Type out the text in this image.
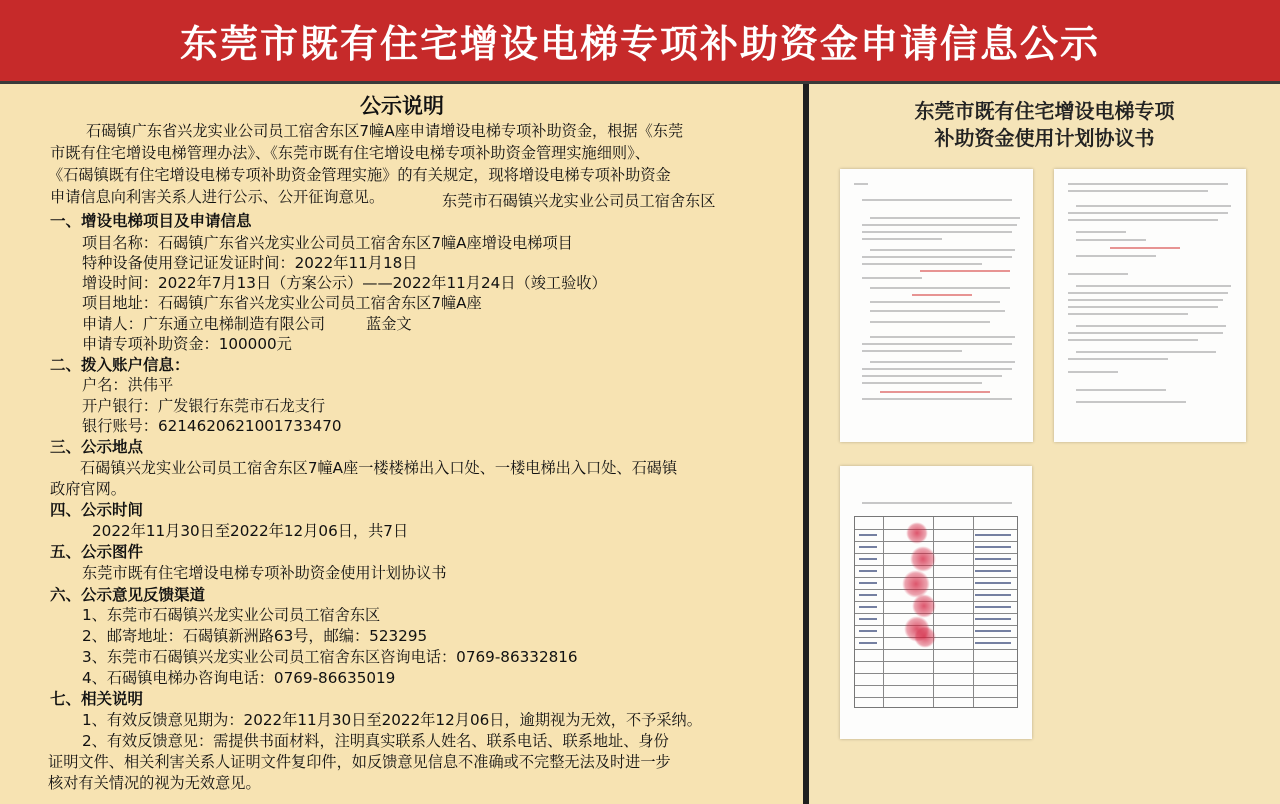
东莞市既有住宅增设电梯专项补助资金申请信息公示
公示说明
石碣镇广东省兴龙实业公司员工宿舍东区7幢A座申请增设电梯专项补助资金，根据《东莞
市既有住宅增设电梯管理办法》、《东莞市既有住宅增设电梯专项补助资金管理实施细则》、
《石碣镇既有住宅增设电梯专项补助资金管理实施》的有关规定，现将增设电梯专项补助资金
申请信息向利害关系人进行公示、公开征询意见。	东莞市石碣镇兴龙实业公司员工宿舍东区
一、增设电梯项目及申请信息
项目名称：石碣镇广东省兴龙实业公司员工宿舍东区7幢A座增设电梯项目
特种设备使用登记证发证时间：2022年11月18日
增设时间：2022年7月13日（方案公示）——2022年11月24日（竣工验收）
项目地址：石碣镇广东省兴龙实业公司员工宿舍东区7幢A座
申请人：广东通立电梯制造有限公司	蓝金文
申请专项补助资金：100000元
二、拨入账户信息：
户名：洪伟平
开户银行：广发银行东莞市石龙支行
银行账号：6214620621001733470
三、公示地点
石碣镇兴龙实业公司员工宿舍东区7幢A座一楼楼梯出入口处、一楼电梯出入口处、石碣镇
政府官网。
四、公示时间
2022年11月30日至2022年12月06日，共7日
五、公示图件
东莞市既有住宅增设电梯专项补助资金使用计划协议书
六、公示意见反馈渠道
1、东莞市石碣镇兴龙实业公司员工宿舍东区
2、邮寄地址：石碣镇新洲路63号，邮编：523295
3、东莞市石碣镇兴龙实业公司员工宿舍东区咨询电话：0769-86332816
4、石碣镇电梯办咨询电话：0769-86635019
七、相关说明
1、有效反馈意见期为：2022年11月30日至2022年12月06日，逾期视为无效，不予采纳。
2、有效反馈意见：需提供书面材料，注明真实联系人姓名、联系电话、联系地址、身份
证明文件、相关利害关系人证明文件复印件，如反馈意见信息不准确或不完整无法及时进一步
核对有关情况的视为无效意见。
东莞市既有住宅增设电梯专项
补助资金使用计划协议书
